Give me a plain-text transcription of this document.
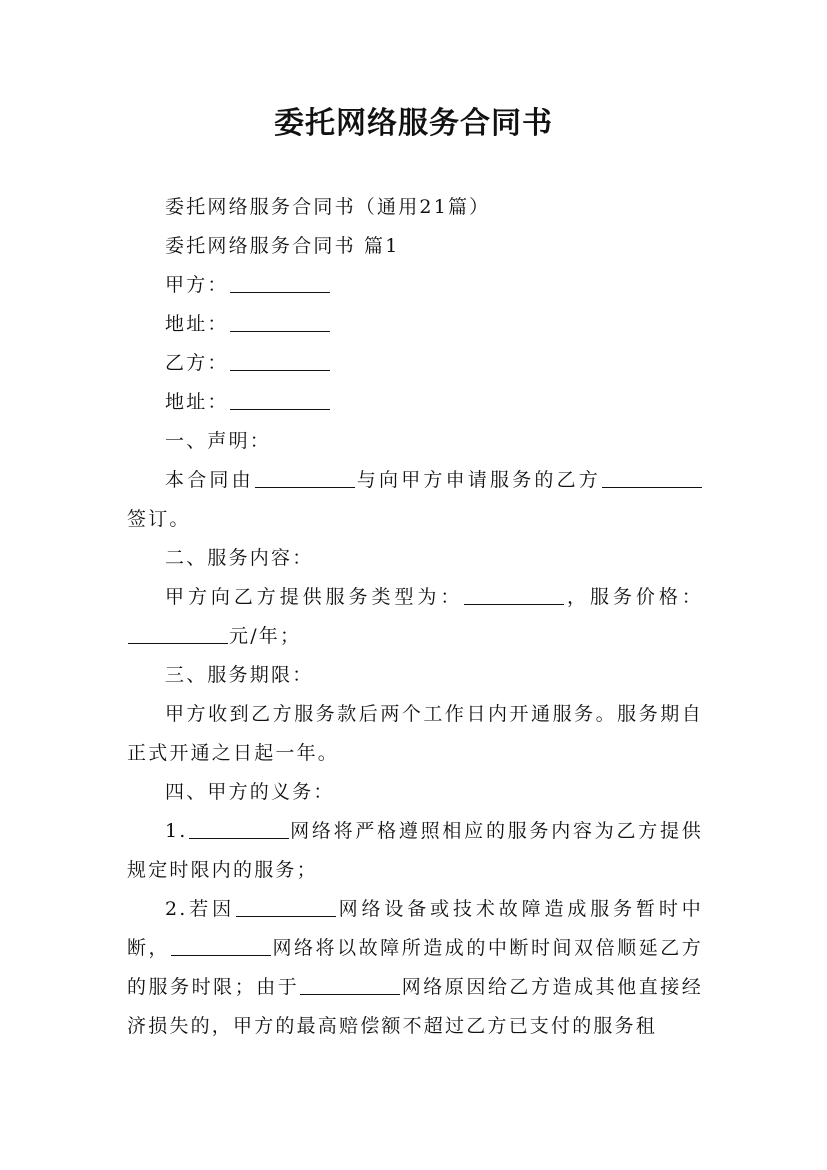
委托网络服务合同书

委托网络服务合同书（通用21篇）

委托网络服务合同书 篇1

甲方：

地址：

乙方：

地址：

一、声明：

本合同由	与向甲方申请服务的乙方签订。

二、服务内容：

甲方向乙方提供服务类型为：	，服务价格：元/年；

三、服务期限：

甲方收到乙方服务款后两个工作日内开通服务。服务期自正式开通之日起一年。

四、甲方的义务：

1.	网络将严格遵照相应的服务内容为乙方提供规定时限内的服务；

2.若因	网络设备或技术故障造成服务暂时中断，	网络将以故障所造成的中断时间双倍顺延乙方的服务时限；由于	网络原因给乙方造成其他直接经济损失的，甲方的最高赔偿额不超过乙方已支付的服务租
